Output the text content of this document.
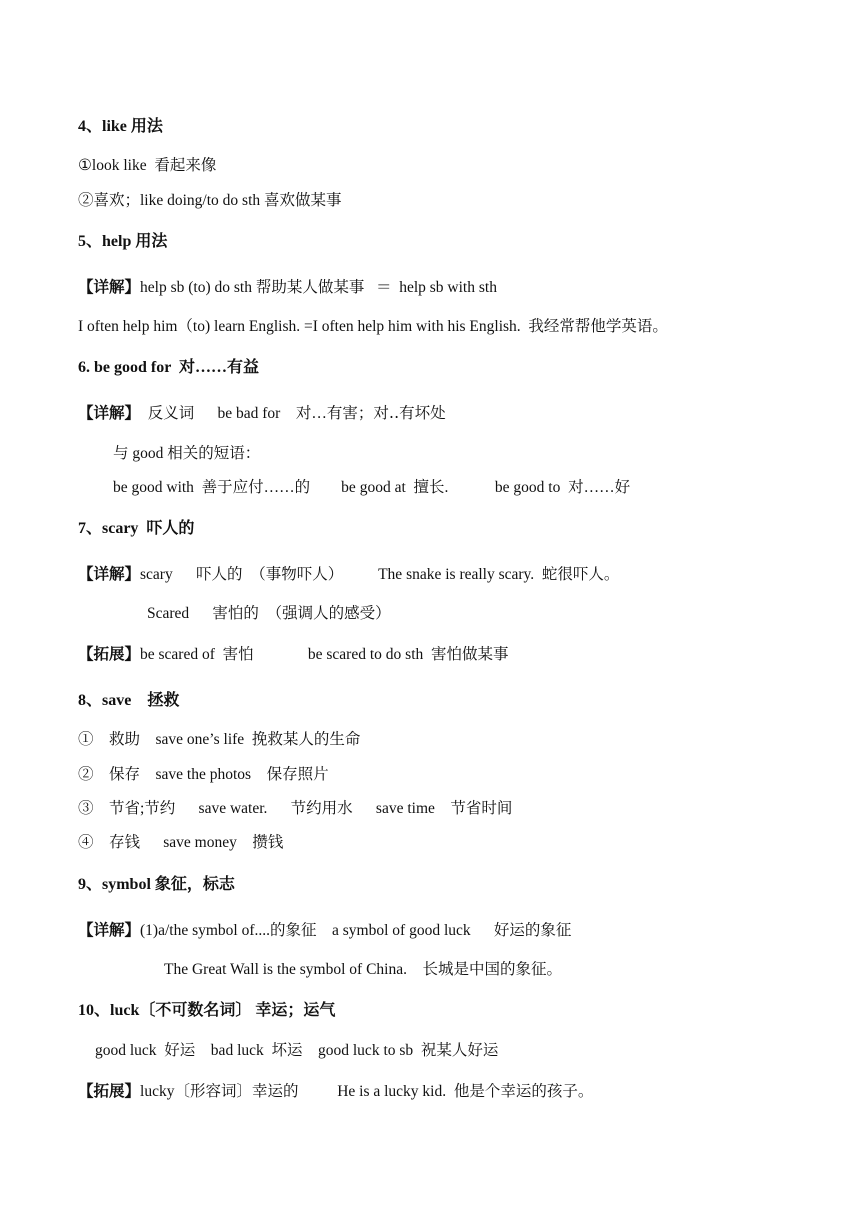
4、like 用法
①look like  看起来像
②喜欢；like doing/to do sth 喜欢做某事
5、help 用法
【详解】help sb (to) do sth 帮助某人做某事   ＝  help sb with sth
I often help him（to) learn English. =I often help him with his English.  我经常帮他学英语。
6. be good for  对……有益
【详解】  反义词      be bad for    对…有害；对‥有坏处
与 good 相关的短语：
be good with  善于应付……的        be good at  擅长.            be good to  对……好
7、scary  吓人的
【详解】scary      吓人的  （事物吓人）         The snake is really scary.  蛇很吓人。
Scared      害怕的  （强调人的感受）
【拓展】be scared of  害怕              be scared to do sth  害怕做某事
8、save    拯救
①    救助    save one’s life  挽救某人的生命
②    保存    save the photos    保存照片
③    节省;节约      save water.      节约用水      save time    节省时间
④    存钱      save money    攒钱
9、symbol 象征，标志
【详解】(1)a/the symbol of....的象征    a symbol of good luck      好运的象征
The Great Wall is the symbol of China.    长城是中国的象征。
10、luck〔不可数名词〕 幸运；运气
good luck  好运    bad luck  坏运    good luck to sb  祝某人好运
【拓展】lucky〔形容词〕幸运的          He is a lucky kid.  他是个幸运的孩子。
